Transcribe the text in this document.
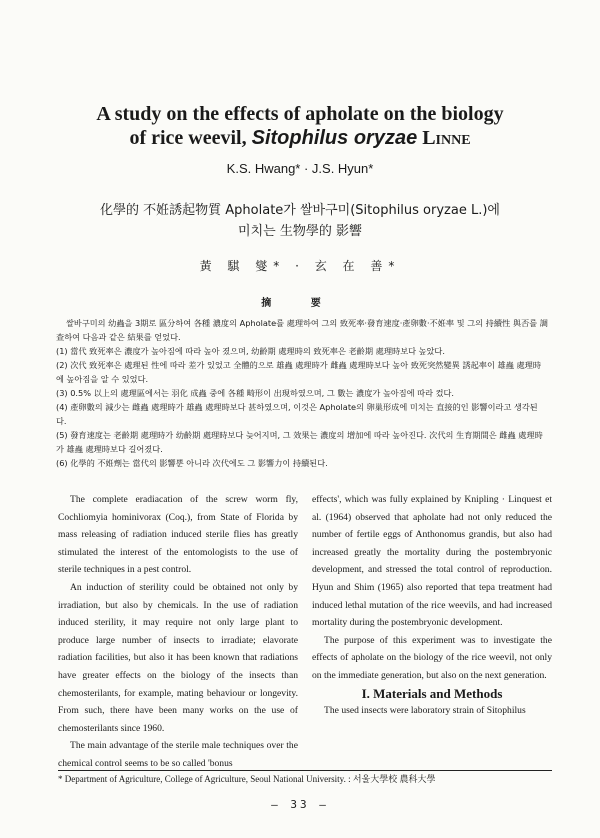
A study on the effects of apholate on the biology
of rice weevil, Sitophilus oryzae Linne
K.S. Hwang* · J.S. Hyun*
化學的 不姙誘起物質 Apholate가 쌀바구미(Sitophilus oryzae L.)에
미치는 生物學的 影響
黃 騏 燮* · 玄 在 善*
摘 要

쌀바구미의 幼蟲을 3期로 區分하여 各種 濃度의 Apholate를 處理하여 그의 致死率·發育速度·產卵數·不姙率 및 그의 持續性 與否를 調查하여 다음과 같은 結果를 얻었다.

(1) 當代 致死率은 濃度가 높아짐에 따라 높아 졌으며, 幼齡期 處理時의 致死率은 老齡期 處理時보다 높았다.

(2) 次代 致死率은 處理된 性에 따라 差가 있었고 全體的으로 雄蟲 處理時가 雌蟲 處理時보다 높아 致死突然變異 誘起率이 雄蟲 處理時에 높아짐을 알 수 있었다.

(3) 0.5% 以上의 處理區에서는 羽化 成蟲 중에 各種 畸形이 出現하였으며, 그 數는 濃度가 높아짐에 따라 컸다.

(4) 產卵數의 減少는 雌蟲 處理時가 雄蟲 處理時보다 甚하였으며, 이것은 Apholate의 卵巢形成에 미치는 直接的인 影響이라고 생각된다.

(5) 發育速度는 老齡期 處理時가 幼齡期 處理時보다 늦어지며, 그 效果는 濃度의 增加에 따라 높아진다. 次代의 生育期間은 雌蟲 處理時가 雄蟲 處理時보다 길어졌다.

(6) 化學的 不姙劑는 當代의 影響뿐 아니라 次代에도 그 影響力이 持續된다.

The complete eradiacation of the screw worm fly, Cochliomyia hominivorax (Coq.), from State of Florida by mass releasing of radiation induced sterile flies has greatly stimulated the interest of the entomologists to the use of sterile techniques in a pest control.

An induction of sterility could be obtained not only by irradiation, but also by chemicals. In the use of radiation induced sterility, it may require not only large plant to produce large number of insects to irradiate; elavorate radiation facilities, but also it has been known that radiations have greater effects on the biology of the insects than chemosterilants, for example, mating behaviour or longevity. From such, there have been many works on the use of chemosterilants since 1960.

The main advantage of the sterile male techniques over the chemical control seems to be so called 'bonus

effects', which was fully explained by Knipling · Linquest et al. (1964) observed that apholate had not only reduced the number of fertile eggs of Anthonomus grandis, but also had increased greatly the mortality during the postembryonic development, and stressed the total control of reproduction. Hyun and Shim (1965) also reported that tepa treatment had induced lethal mutation of the rice weevils, and had increased mortality during the postembryonic development.

The purpose of this experiment was to investigate the effects of apholate on the biology of the rice weevil, not only on the immediate generation, but also on the next generation.

I. Materials and Methods

The used insects were laboratory strain of Sitophilus

* Department of Agriculture, College of Agriculture, Seoul National University. : 서울大學校 農科大學
— 33 —
